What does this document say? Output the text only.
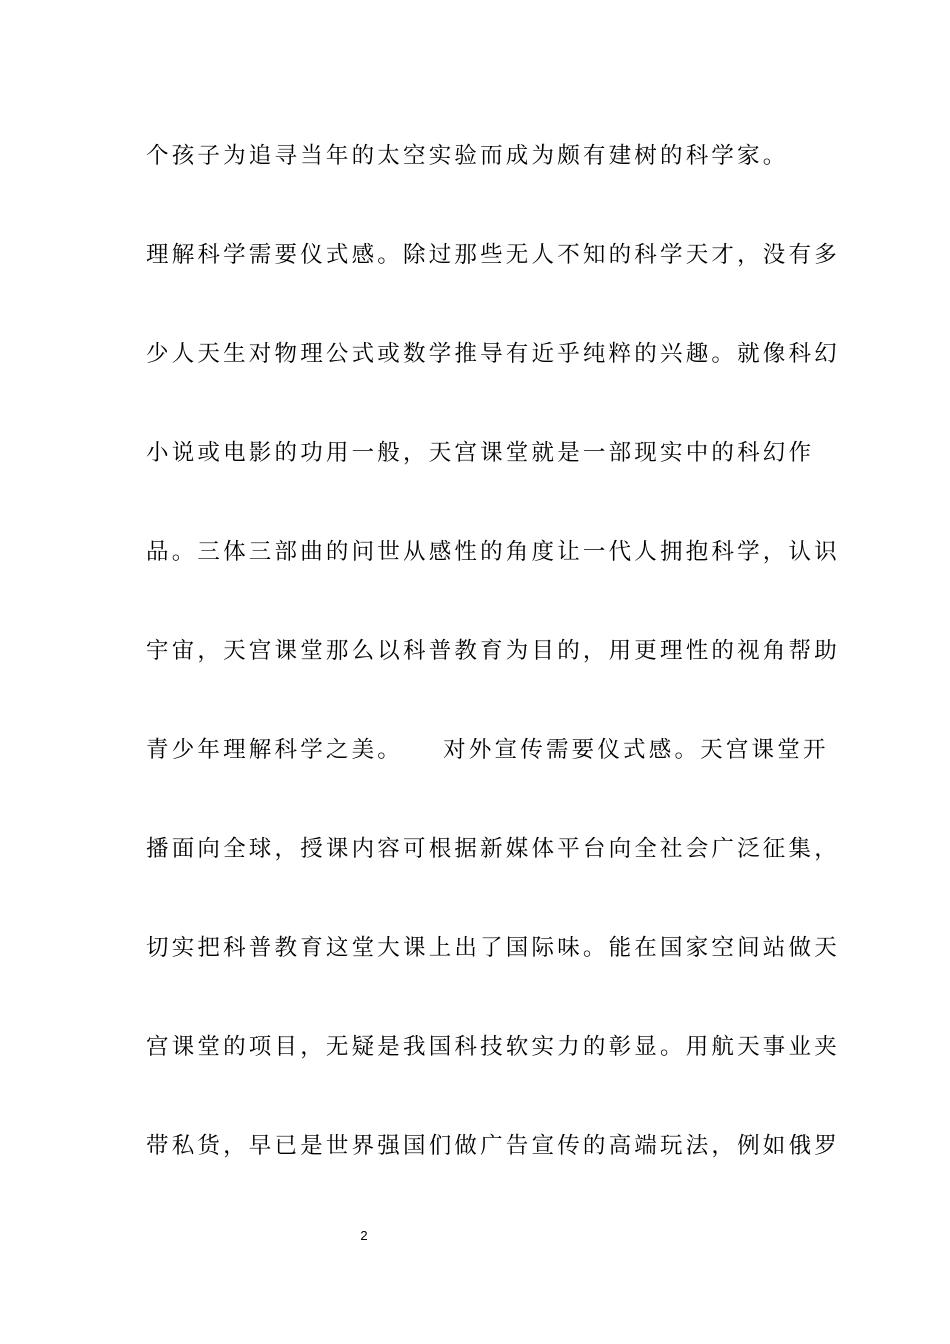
个孩子为追寻当年的太空实验而成为颇有建树的科学家。
理解科学需要仪式感。除过那些无人不知的科学天才，没有多
少人天生对物理公式或数学推导有近乎纯粹的兴趣。就像科幻
小说或电影的功用一般，天宫课堂就是一部现实中的科幻作
品。三体三部曲的问世从感性的角度让一代人拥抱科学，认识
宇宙，天宫课堂那么以科普教育为目的，用更理性的视角帮助
青少年理解科学之美。　　对外宣传需要仪式感。天宫课堂开
播面向全球，授课内容可根据新媒体平台向全社会广泛征集，
切实把科普教育这堂大课上出了国际味。能在国家空间站做天
宫课堂的项目，无疑是我国科技软实力的彰显。用航天事业夹
带私货，早已是世界强国们做广告宣传的高端玩法，例如俄罗
2
